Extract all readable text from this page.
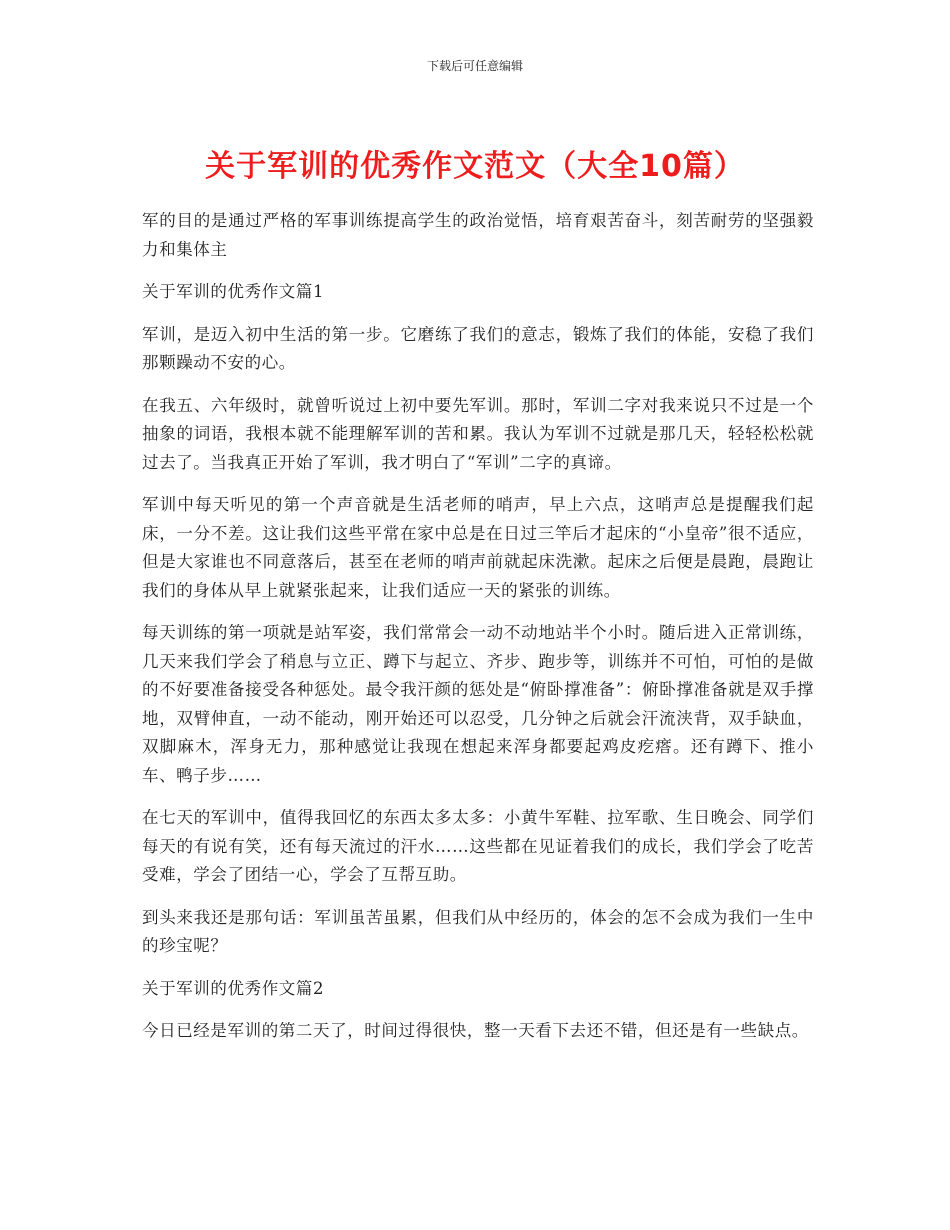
下载后可任意编辑
关于军训的优秀作文范文（大全10篇）

军的目的是通过严格的军事训练提高学生的政治觉悟，培育艰苦奋斗，刻苦耐劳的坚强毅力和集体主

关于军训的优秀作文篇1

军训，是迈入初中生活的第一步。它磨练了我们的意志，锻炼了我们的体能，安稳了我们那颗躁动不安的心。

在我五、六年级时，就曾听说过上初中要先军训。那时，军训二字对我来说只不过是一个抽象的词语，我根本就不能理解军训的苦和累。我认为军训不过就是那几天，轻轻松松就过去了。当我真正开始了军训，我才明白了“军训”二字的真谛。

军训中每天听见的第一个声音就是生活老师的哨声，早上六点，这哨声总是提醒我们起床，一分不差。这让我们这些平常在家中总是在日过三竿后才起床的“小皇帝”很不适应，但是大家谁也不同意落后，甚至在老师的哨声前就起床洗漱。起床之后便是晨跑，晨跑让我们的身体从早上就紧张起来，让我们适应一天的紧张的训练。

每天训练的第一项就是站军姿，我们常常会一动不动地站半个小时。随后进入正常训练，几天来我们学会了稍息与立正、蹲下与起立、齐步、跑步等，训练并不可怕，可怕的是做的不好要准备接受各种惩处。最令我汗颜的惩处是“俯卧撑准备”：俯卧撑准备就是双手撑地，双臂伸直，一动不能动，刚开始还可以忍受，几分钟之后就会汗流浃背，双手缺血，双脚麻木，浑身无力，那种感觉让我现在想起来浑身都要起鸡皮疙瘩。还有蹲下、推小车、鸭子步……

在七天的军训中，值得我回忆的东西太多太多：小黄牛军鞋、拉军歌、生日晚会、同学们每天的有说有笑，还有每天流过的汗水……这些都在见证着我们的成长，我们学会了吃苦受难，学会了团结一心，学会了互帮互助。

到头来我还是那句话：军训虽苦虽累，但我们从中经历的，体会的怎不会成为我们一生中的珍宝呢？

关于军训的优秀作文篇2

今日已经是军训的第二天了，时间过得很快，整一天看下去还不错，但还是有一些缺点。
